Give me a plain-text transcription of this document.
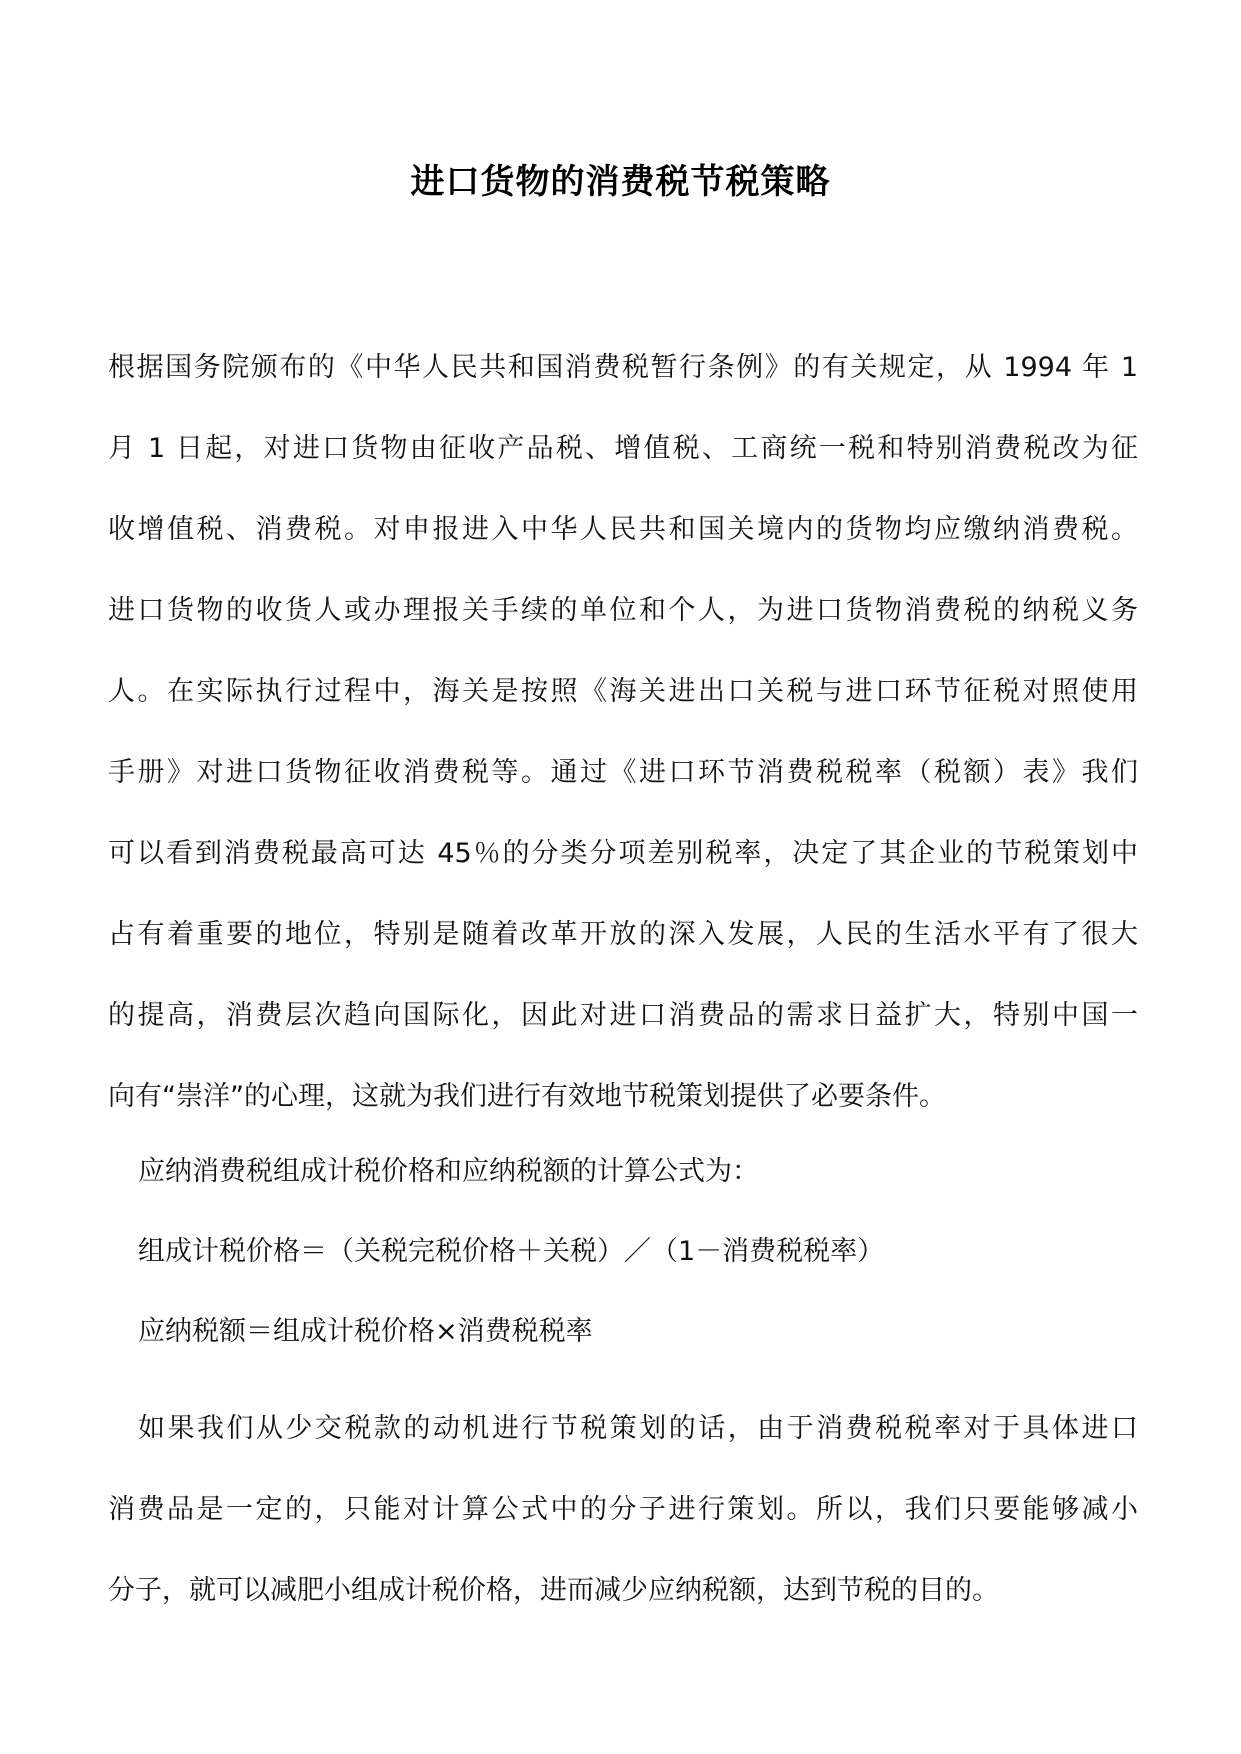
进口货物的消费税节税策略
根据国务院颁布的《中华人民共和国消费税暂行条例》的有关规定，从 1994 年 1
月 1 日起，对进口货物由征收产品税、增值税、工商统一税和特别消费税改为征
收增值税、消费税。对申报进入中华人民共和国关境内的货物均应缴纳消费税。
进口货物的收货人或办理报关手续的单位和个人，为进口货物消费税的纳税义务
人。在实际执行过程中，海关是按照《海关进出口关税与进口环节征税对照使用
手册》对进口货物征收消费税等。通过《进口环节消费税税率（税额）表》我们
可以看到消费税最高可达 45％的分类分项差别税率，决定了其企业的节税策划中
占有着重要的地位，特别是随着改革开放的深入发展，人民的生活水平有了很大
的提高，消费层次趋向国际化，因此对进口消费品的需求日益扩大，特别中国一
向有“崇洋”的心理，这就为我们进行有效地节税策划提供了必要条件。
应纳消费税组成计税价格和应纳税额的计算公式为：
组成计税价格＝（关税完税价格＋关税）／（1－消费税税率）
应纳税额＝组成计税价格×消费税税率
如果我们从少交税款的动机进行节税策划的话，由于消费税税率对于具体进口
消费品是一定的，只能对计算公式中的分子进行策划。所以，我们只要能够减小
分子，就可以减肥小组成计税价格，进而减少应纳税额，达到节税的目的。
